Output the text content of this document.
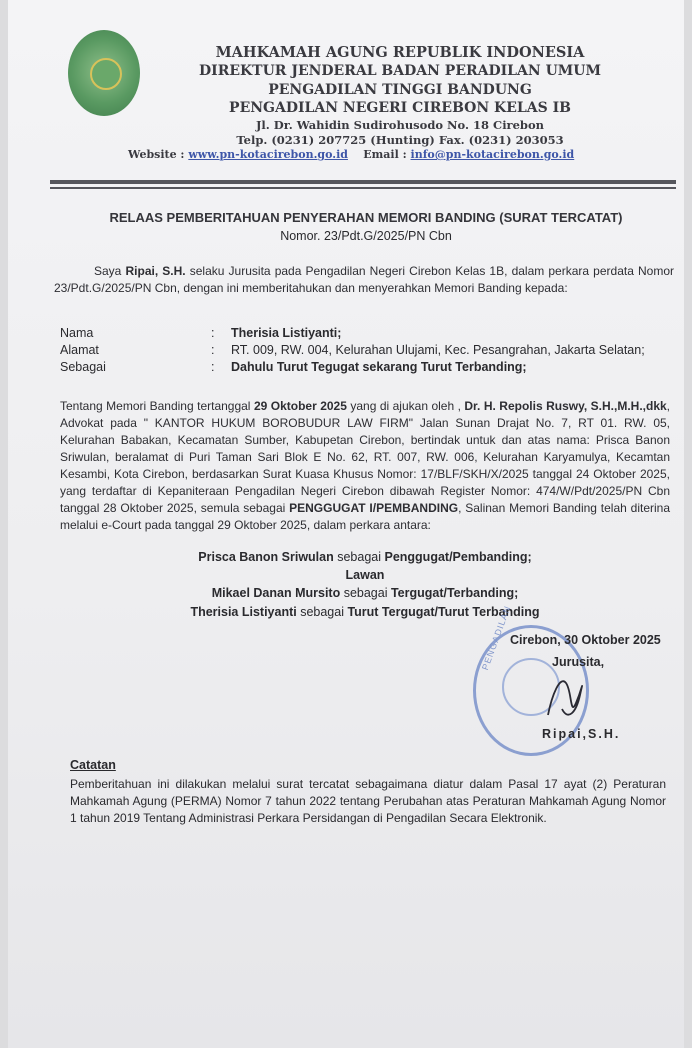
MAHKAMAH AGUNG REPUBLIK INDONESIA
DIREKTUR JENDERAL BADAN PERADILAN UMUM
PENGADILAN TINGGI BANDUNG
PENGADILAN NEGERI CIREBON KELAS IB
Jl. Dr. Wahidin Sudirohusodo No. 18 Cirebon
Telp. (0231) 207725 (Hunting) Fax. (0231) 203053
Website : www.pn-kotacirebon.go.id Email : info@pn-kotacirebon.go.id
RELAAS PEMBERITAHUAN PENYERAHAN MEMORI BANDING (SURAT TERCATAT)
Nomor. 23/Pdt.G/2025/PN Cbn
Saya Ripai, S.H. selaku Jurusita pada Pengadilan Negeri Cirebon Kelas 1B, dalam perkara perdata Nomor 23/Pdt.G/2025/PN Cbn, dengan ini memberitahukan dan menyerahkan Memori Banding kepada:
Nama	: Therisia Listiyanti;
Alamat	: RT. 009, RW. 004, Kelurahan Ulujami, Kec. Pesangrahan, Jakarta Selatan;
Sebagai	: Dahulu Turut Tegugat sekarang Turut Terbanding;
Tentang Memori Banding tertanggal 29 Oktober 2025 yang di ajukan oleh , Dr. H. Repolis Ruswy, S.H.,M.H.,dkk, Advokat pada " KANTOR HUKUM BOROBUDUR LAW FIRM" Jalan Sunan Drajat No. 7, RT 01. RW. 05, Kelurahan Babakan, Kecamatan Sumber, Kabupetan Cirebon, bertindak untuk dan atas nama: Prisca Banon Sriwulan, beralamat di Puri Taman Sari Blok E No. 62, RT. 007, RW. 006, Kelurahan Karyamulya, Kecamtan Kesambi, Kota Cirebon, berdasarkan Surat Kuasa Khusus Nomor: 17/BLF/SKH/X/2025 tanggal 24 Oktober 2025, yang terdaftar di Kepaniteraan Pengadilan Negeri Cirebon dibawah Register Nomor: 474/W/Pdt/2025/PN Cbn tanggal 28 Oktober 2025, semula sebagai PENGGUGAT I/PEMBANDING, Salinan Memori Banding telah diterina melalui e-Court pada tanggal 29 Oktober 2025, dalam perkara antara:
Prisca Banon Sriwulan sebagai Penggugat/Pembanding;
Lawan
Mikael Danan Mursito sebagai Tergugat/Terbanding;
Therisia Listiyanti sebagai Turut Tergugat/Turut Terbanding
PENGADILAN
Cirebon, 30 Oktober 2025
Jurusita,
Ripai,S.H.
Catatan
Pemberitahuan ini dilakukan melalui surat tercatat sebagaimana diatur dalam Pasal 17 ayat (2) Peraturan Mahkamah Agung (PERMA) Nomor 7 tahun 2022 tentang Perubahan atas Peraturan Mahkamah Agung Nomor 1 tahun 2019 Tentang Administrasi Perkara Persidangan di Pengadilan Secara Elektronik.
